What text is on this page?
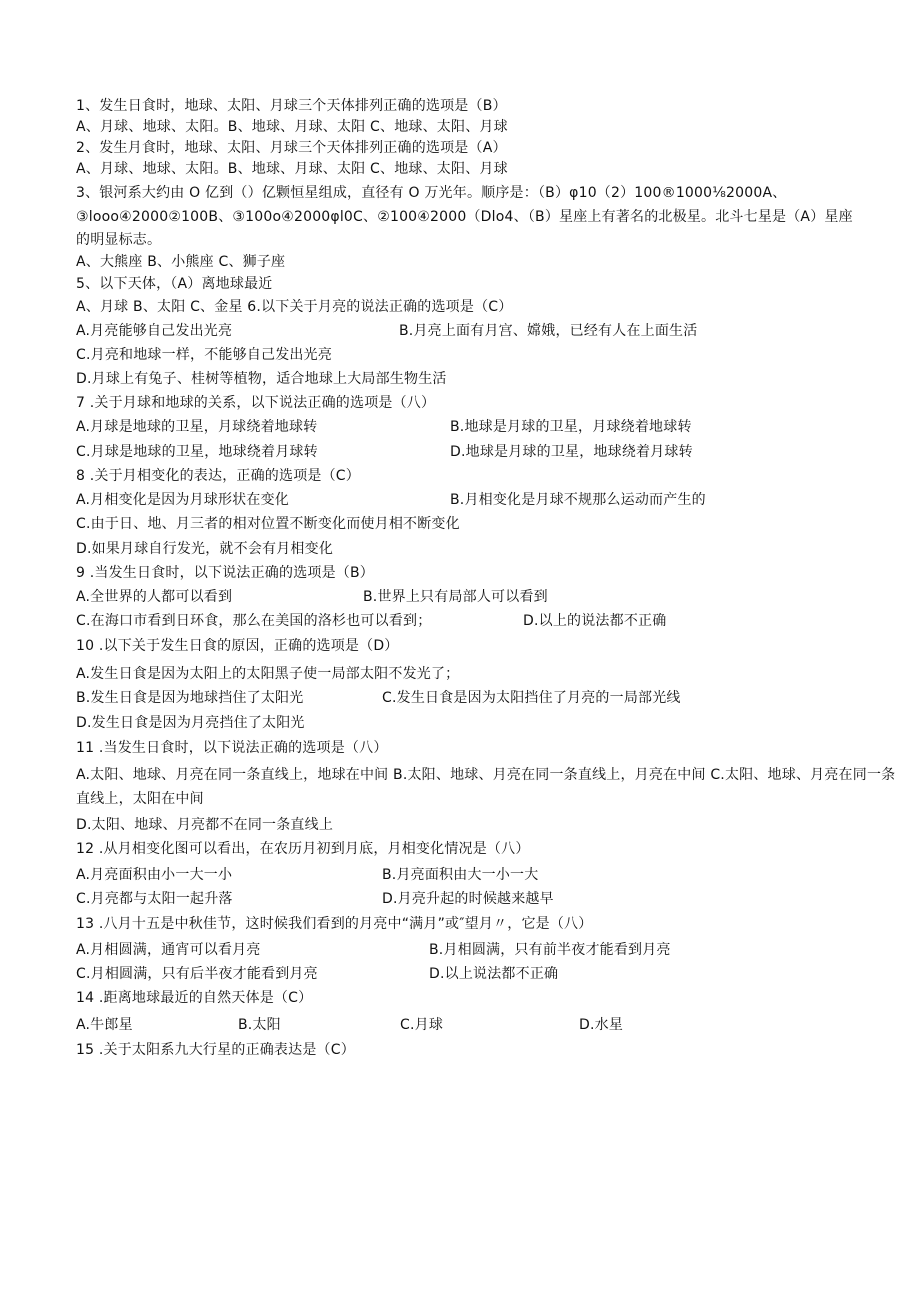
1、发生日食时，地球、太阳、月球三个天体排列正确的选项是（B）
A、月球、地球、太阳。B、地球、月球、太阳 C、地球、太阳、月球
2、发生月食时，地球、太阳、月球三个天体排列正确的选项是（A）
A、月球、地球、太阳。B、地球、月球、太阳 C、地球、太阳、月球
3、银河系大约由 O 亿到（）亿颗恒星组成，直径有 O 万光年。顺序是：（B）φ10（2）100®1000⅛2000A、
③looo④2000②100B、③100o④2000φl0C、②100④2000（Dlo4、（B）星座上有著名的北极星。北斗七星是（A）星座
的明显标志。
A、大熊座 B、小熊座 C、狮子座
5、以下天体，（A）离地球最近
A、月球 B、太阳 C、金星 6.以下关于月亮的说法正确的选项是（C）
A.月亮能够自己发出光亮	B.月亮上面有月宫、嫦娥，已经有人在上面生活
C.月亮和地球一样，不能够自己发出光亮
D.月球上有兔子、桂树等植物，适合地球上大局部生物生活
7 .关于月球和地球的关系，以下说法正确的选项是（八）
A.月球是地球的卫星，月球绕着地球转	B.地球是月球的卫星，月球绕着地球转
C.月球是地球的卫星，地球绕着月球转	D.地球是月球的卫星，地球绕着月球转
8 .关于月相变化的表达，正确的选项是（C）
A.月相变化是因为月球形状在变化	B.月相变化是月球不规那么运动而产生的
C.由于日、地、月三者的相对位置不断变化而使月相不断变化
D.如果月球自行发光，就不会有月相变化
9 .当发生日食时，以下说法正确的选项是（B）
A.全世界的人都可以看到	B.世界上只有局部人可以看到
C.在海口市看到日环食，那么在美国的洛杉也可以看到；	D.以上的说法都不正确
10 .以下关于发生日食的原因，正确的选项是（D）
A.发生日食是因为太阳上的太阳黑子使一局部太阳不发光了；
B.发生日食是因为地球挡住了太阳光	C.发生日食是因为太阳挡住了月亮的一局部光线
D.发生日食是因为月亮挡住了太阳光
11 .当发生日食时，以下说法正确的选项是（八）
A.太阳、地球、月亮在同一条直线上，地球在中间 B.太阳、地球、月亮在同一条直线上，月亮在中间 C.太阳、地球、月亮在同一条直线上，太阳在中间
D.太阳、地球、月亮都不在同一条直线上
12 .从月相变化图可以看出，在农历月初到月底，月相变化情况是（八）
A.月亮面积由小一大一小	B.月亮面积由大一小一大
C.月亮都与太阳一起升落	D.月亮升起的时候越来越早
13 .八月十五是中秋佳节，这时候我们看到的月亮中“满月”或″望月〃，它是（八）
A.月相圆满，通宵可以看月亮	B.月相圆满，只有前半夜才能看到月亮
C.月相圆满，只有后半夜才能看到月亮	D.以上说法都不正确
14 .距离地球最近的自然天体是（C）
A.牛郎星	B.太阳	C.月球	D.水星
15 .关于太阳系九大行星的正确表达是（C）
